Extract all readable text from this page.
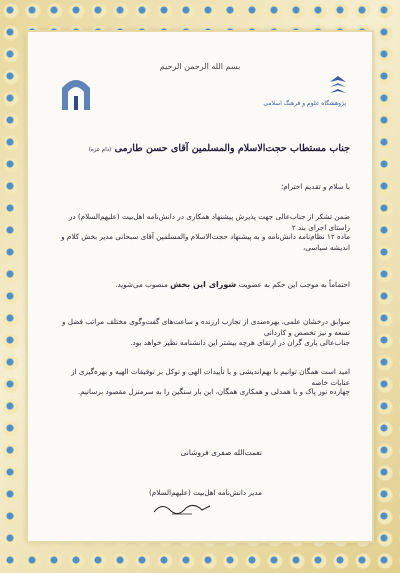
بسم الله الرحمن الرحیم
پژوهشگاه علوم و فرهنگ اسلامی
جناب مستطاب حجت‌الاسلام والمسلمین آقای حسن طارمی (دام عزه)
با سلام و تقدیم احترام؛
ضمن تشکر از جناب‌عالی جهت پذیرش پیشنهاد همکاری در دانش‌نامه اهل‌بیت (علیهم‌السلام) در راستای اجرای بند ۲
ماده ۱۲ نظام‌نامه دانش‌نامه و به پیشنهاد حجت‌الاسلام والمسلمین آقای سبحانی مدیر بخش کلام و اندیشه سیاسی،
احتماماً به موجب این حکم به عضویت شورای این بخش منصوب می‌شوید.
سوابق درخشان علمی، بهره‌مندی از تجارب ارزنده و ساعت‌های گفت‌وگوی مختلف مراتب فضل و تسعه و نیز تخصص و کاردانی
جناب‌عالی یاری گران در ارتقای هرچه بیشتر این دانشنامه نظیر خواهد بود.
امید است همگان توانیم با بهم‌اندیشی و با تأییدات الهی و توکل بر توفیقات الهیه و بهره‌گیری از عنایات خاصه
چهارده نور پاک و با همدلی و همکاری همگان، این بار سنگین را به سرمنزل مقصود برسانیم.
نعمت‌الله صفری فروشانی
مدیر دانش‌نامه اهل‌بیت (علیهم‌السلام)
